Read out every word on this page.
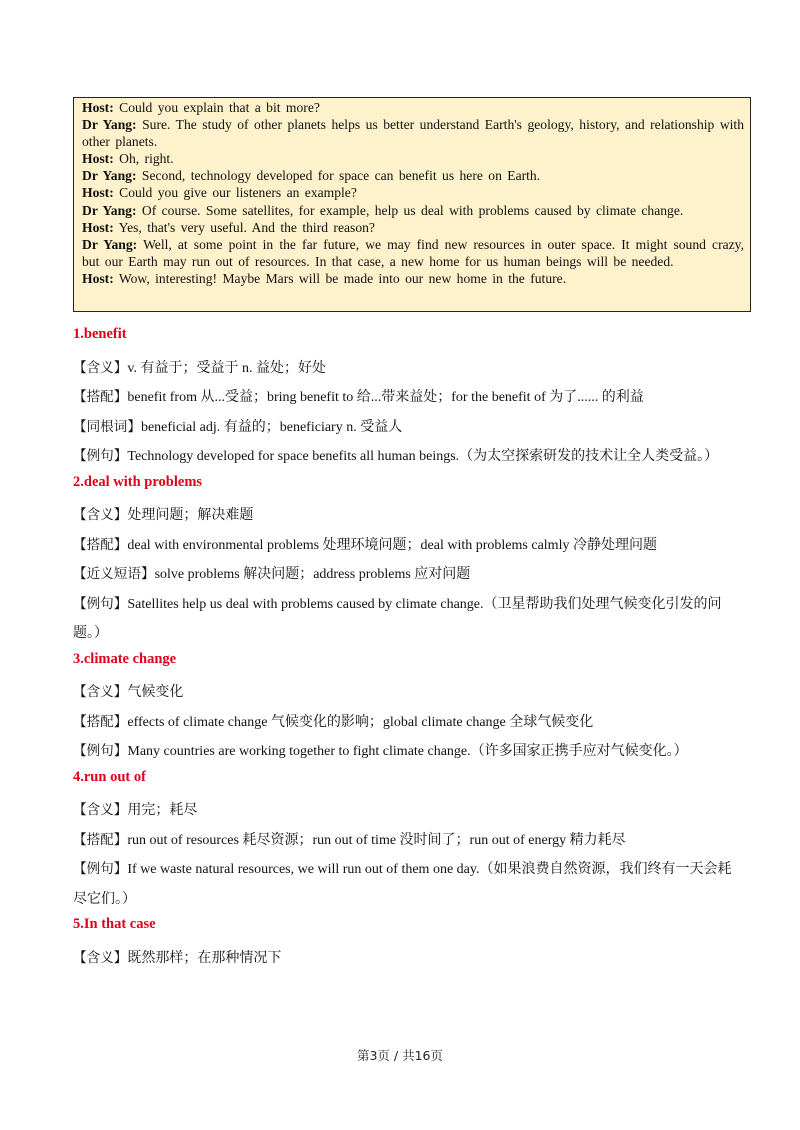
Host: Could you explain that a bit more?
Dr Yang: Sure. The study of other planets helps us better understand Earth's geology, history, and relationship with other planets.
Host: Oh, right.
Dr Yang: Second, technology developed for space can benefit us here on Earth.
Host: Could you give our listeners an example?
Dr Yang: Of course. Some satellites, for example, help us deal with problems caused by climate change.
Host: Yes, that's very useful. And the third reason?
Dr Yang: Well, at some point in the far future, we may find new resources in outer space. It might sound crazy, but our Earth may run out of resources. In that case, a new home for us human beings will be needed.
Host: Wow, interesting! Maybe Mars will be made into our new home in the future.
1.benefit
【含义】v. 有益于；受益于 n. 益处；好处
【搭配】benefit from 从...受益；bring benefit to 给...带来益处；for the benefit of 为了...... 的利益
【同根词】beneficial adj. 有益的；beneficiary n. 受益人
【例句】Technology developed for space benefits all human beings.（为太空探索研发的技术让全人类受益。）
2.deal with problems
【含义】处理问题；解决难题
【搭配】deal with environmental problems 处理环境问题；deal with problems calmly 冷静处理问题
【近义短语】solve problems 解决问题；address problems 应对问题
【例句】Satellites help us deal with problems caused by climate change.（卫星帮助我们处理气候变化引发的问题。）
3.climate change
【含义】气候变化
【搭配】effects of climate change 气候变化的影响；global climate change 全球气候变化
【例句】Many countries are working together to fight climate change.（许多国家正携手应对气候变化。）
4.run out of
【含义】用完；耗尽
【搭配】run out of resources 耗尽资源；run out of time 没时间了；run out of energy 精力耗尽
【例句】If we waste natural resources, we will run out of them one day.（如果浪费自然资源，我们终有一天会耗尽它们。）
5.In that case
【含义】既然那样；在那种情况下
第3页 / 共16页
